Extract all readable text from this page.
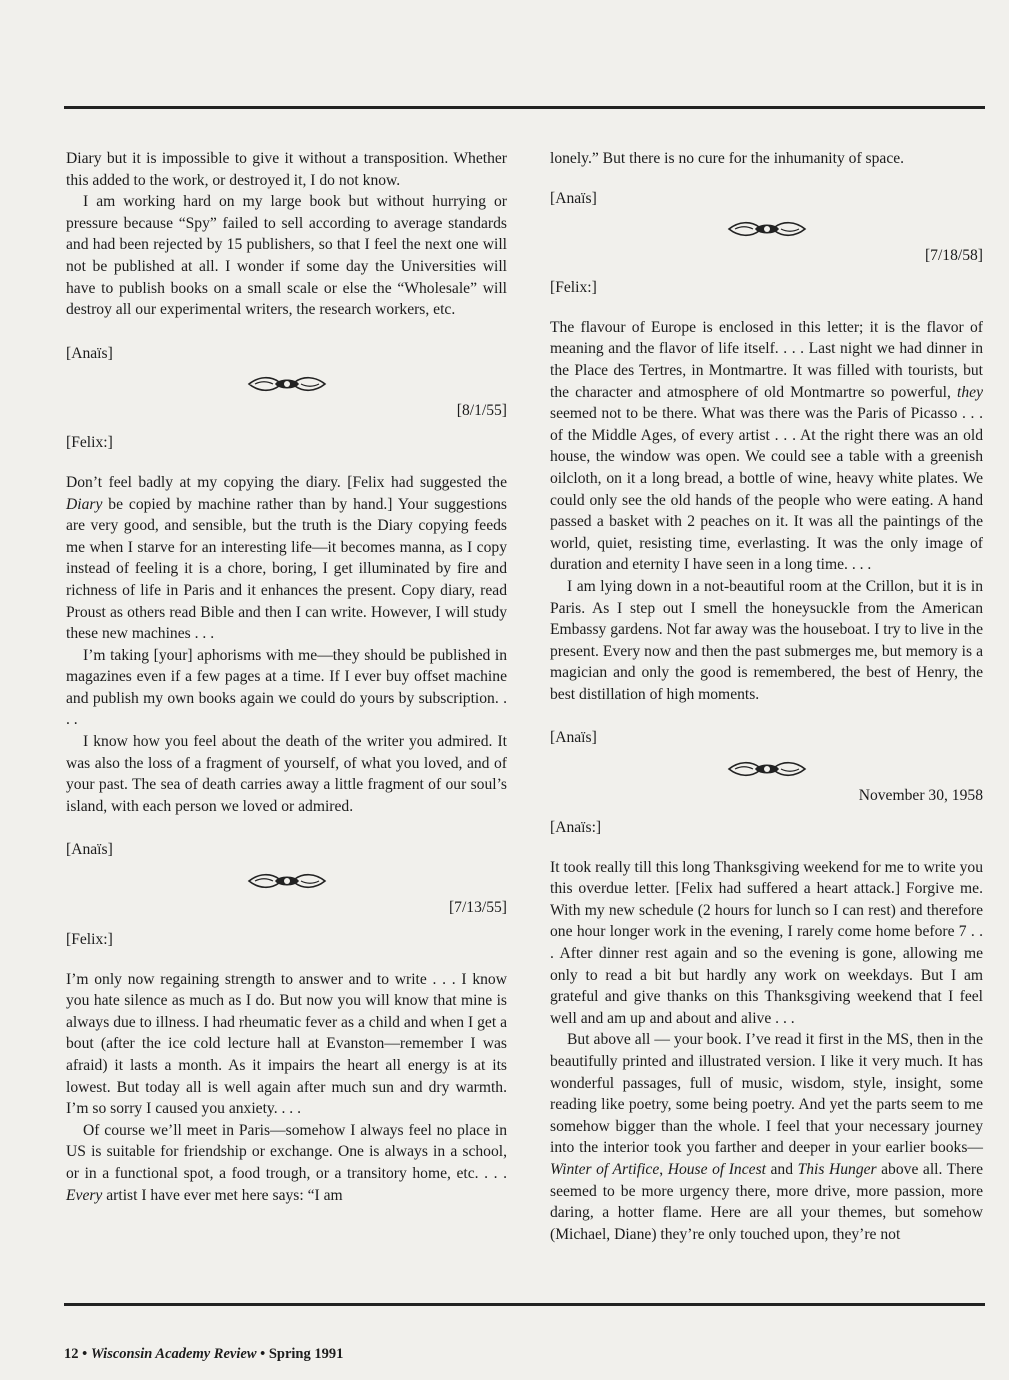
Diary but it is impossible to give it without a transposition. Whether this added to the work, or destroyed it, I do not know.

I am working hard on my large book but without hurrying or pressure because “Spy” failed to sell according to average standards and had been rejected by 15 publishers, so that I feel the next one will not be published at all. I wonder if some day the Universities will have to publish books on a small scale or else the “Wholesale” will destroy all our experimental writers, the research workers, etc.

[Anaïs]
[8/1/55]
[Felix:]

Don’t feel badly at my copying the diary. [Felix had suggested the Diary be copied by machine rather than by hand.] Your suggestions are very good, and sensible, but the truth is the Diary copying feeds me when I starve for an interesting life—it becomes manna, as I copy instead of feeling it is a chore, boring, I get illuminated by fire and richness of life in Paris and it enhances the present. Copy diary, read Proust as others read Bible and then I can write. However, I will study these new machines . . .

I’m taking [your] aphorisms with me—they should be published in magazines even if a few pages at a time. If I ever buy offset machine and publish my own books again we could do yours by subscription. . . .

I know how you feel about the death of the writer you admired. It was also the loss of a fragment of yourself, of what you loved, and of your past. The sea of death carries away a little fragment of our soul’s island, with each person we loved or admired.

[Anaïs]
[7/13/55]
[Felix:]

I’m only now regaining strength to answer and to write . . . I know you hate silence as much as I do. But now you will know that mine is always due to illness. I had rheumatic fever as a child and when I get a bout (after the ice cold lecture hall at Evanston—remember I was afraid) it lasts a month. As it impairs the heart all energy is at its lowest. But today all is well again after much sun and dry warmth. I’m so sorry I caused you anxiety. . . .

Of course we’ll meet in Paris—somehow I always feel no place in US is suitable for friendship or exchange. One is always in a school, or in a functional spot, a food trough, or a transitory home, etc. . . . Every artist I have ever met here says: “I am

lonely.” But there is no cure for the inhumanity of space.

[Anaïs]
[7/18/58]
[Felix:]

The flavour of Europe is enclosed in this letter; it is the flavor of meaning and the flavor of life itself. . . . Last night we had dinner in the Place des Tertres, in Montmartre. It was filled with tourists, but the character and atmosphere of old Montmartre so powerful, they seemed not to be there. What was there was the Paris of Picasso . . . of the Middle Ages, of every artist . . . At the right there was an old house, the window was open. We could see a table with a greenish oilcloth, on it a long bread, a bottle of wine, heavy white plates. We could only see the old hands of the people who were eating. A hand passed a basket with 2 peaches on it. It was all the paintings of the world, quiet, resisting time, everlasting. It was the only image of duration and eternity I have seen in a long time. . . .

I am lying down in a not-beautiful room at the Crillon, but it is in Paris. As I step out I smell the honeysuckle from the American Embassy gardens. Not far away was the houseboat. I try to live in the present. Every now and then the past submerges me, but memory is a magician and only the good is remembered, the best of Henry, the best distillation of high moments.

[Anaïs]
November 30, 1958
[Anaïs:]

It took really till this long Thanksgiving weekend for me to write you this overdue letter. [Felix had suffered a heart attack.] Forgive me. With my new schedule (2 hours for lunch so I can rest) and therefore one hour longer work in the evening, I rarely come home before 7 . . . After dinner rest again and so the evening is gone, allowing me only to read a bit but hardly any work on weekdays. But I am grateful and give thanks on this Thanksgiving weekend that I feel well and am up and about and alive . . .

But above all — your book. I’ve read it first in the MS, then in the beautifully printed and illustrated version. I like it very much. It has wonderful passages, full of music, wisdom, style, insight, some reading like poetry, some being poetry. And yet the parts seem to me somehow bigger than the whole. I feel that your necessary journey into the interior took you farther and deeper in your earlier books—Winter of Artifice, House of Incest and This Hunger above all. There seemed to be more urgency there, more drive, more passion, more daring, a hotter flame. Here are all your themes, but somehow (Michael, Diane) they’re only touched upon, they’re not

12 • Wisconsin Academy Review • Spring 1991
